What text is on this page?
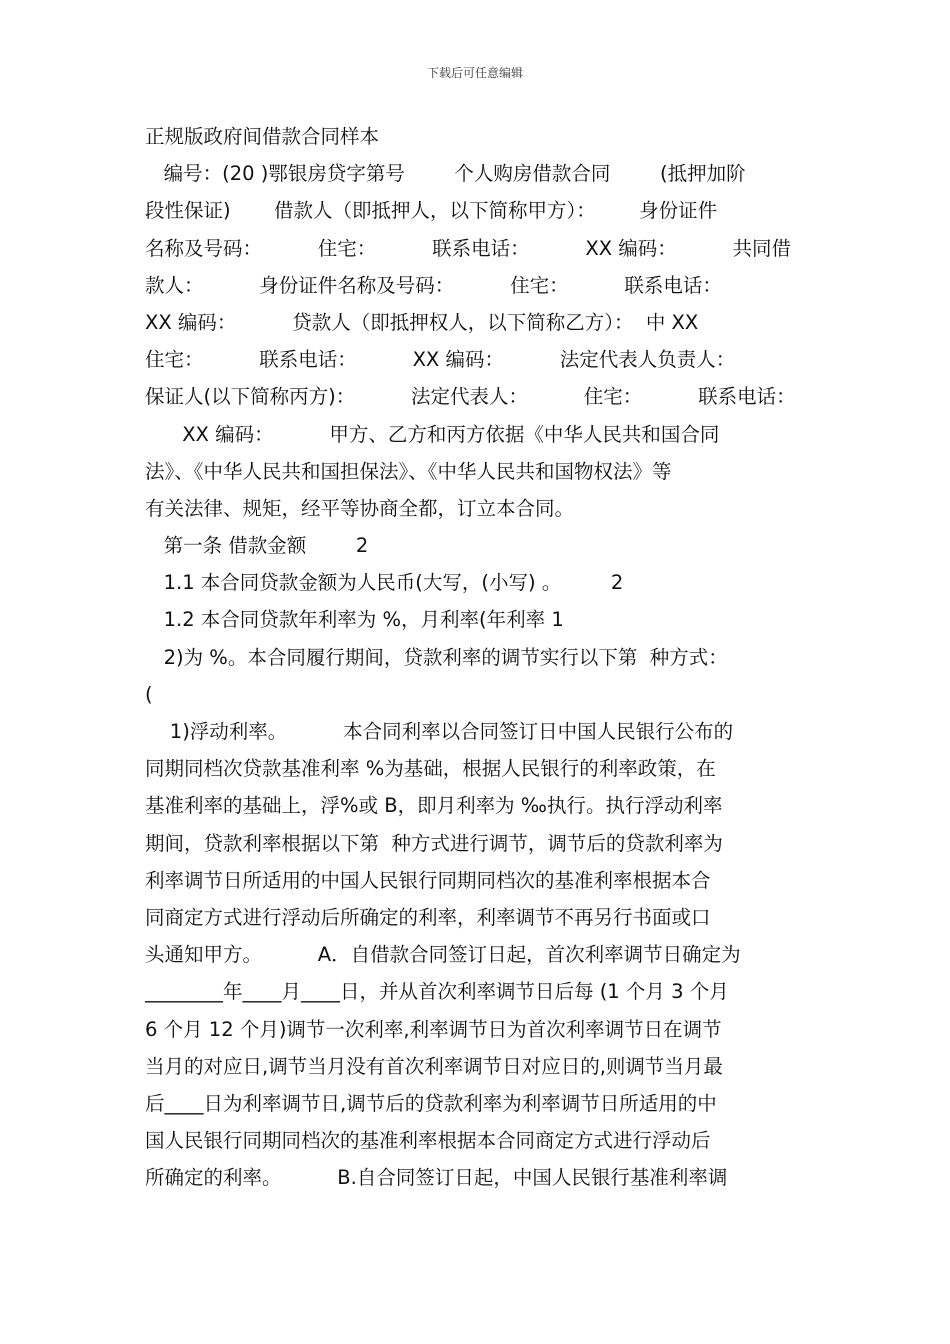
下载后可任意编辑
正规版政府间借款合同样本
编号：(20 )鄂银房贷字第号        个人购房借款合同        (抵押加阶
段性保证)       借款人（即抵押人，以下简称甲方）：       身份证件
名称及号码：         住宅：         联系电话：         XX 编码：         共同借
款人：         身份证件名称及号码：         住宅：         联系电话：
XX 编码：         贷款人（即抵押权人，以下简称乙方）：  中 XX
住宅：         联系电话：         XX 编码：         法定代表人负责人：
保证人(以下简称丙方)：         法定代表人：         住宅：         联系电话：
XX 编码：         甲方、乙方和丙方依据《中华人民共和国合同
法》、《中华人民共和国担保法》、《中华人民共和国物权法》等
有关法律、规矩，经平等协商全都，订立本合同。
第一条 借款金额        2
1.1 本合同贷款金额为人民币(大写，(小写) 。        2
1.2 本合同贷款年利率为 %，月利率(年利率 1
2)为 %。本合同履行期间，贷款利率的调节实行以下第  种方式：
(
1)浮动利率。         本合同利率以合同签订日中国人民银行公布的
同期同档次贷款基准利率 %为基础，根据人民银行的利率政策，在
基准利率的基础上，浮%或 B，即月利率为 ‰执行。执行浮动利率
期间，贷款利率根据以下第  种方式进行调节，调节后的贷款利率为
利率调节日所适用的中国人民银行同期同档次的基准利率根据本合
同商定方式进行浮动后所确定的利率，利率调节不再另行书面或口
头通知甲方。         A．自借款合同签订日起，首次利率调节日确定为
________年____月____日，并从首次利率调节日后每 (1 个月 3 个月
6 个月 12 个月)调节一次利率,利率调节日为首次利率调节日在调节
当月的对应日,调节当月没有首次利率调节日对应日的,则调节当月最
后____日为利率调节日,调节后的贷款利率为利率调节日所适用的中
国人民银行同期同档次的基准利率根据本合同商定方式进行浮动后
所确定的利率。         B.自合同签订日起，中国人民银行基准利率调
